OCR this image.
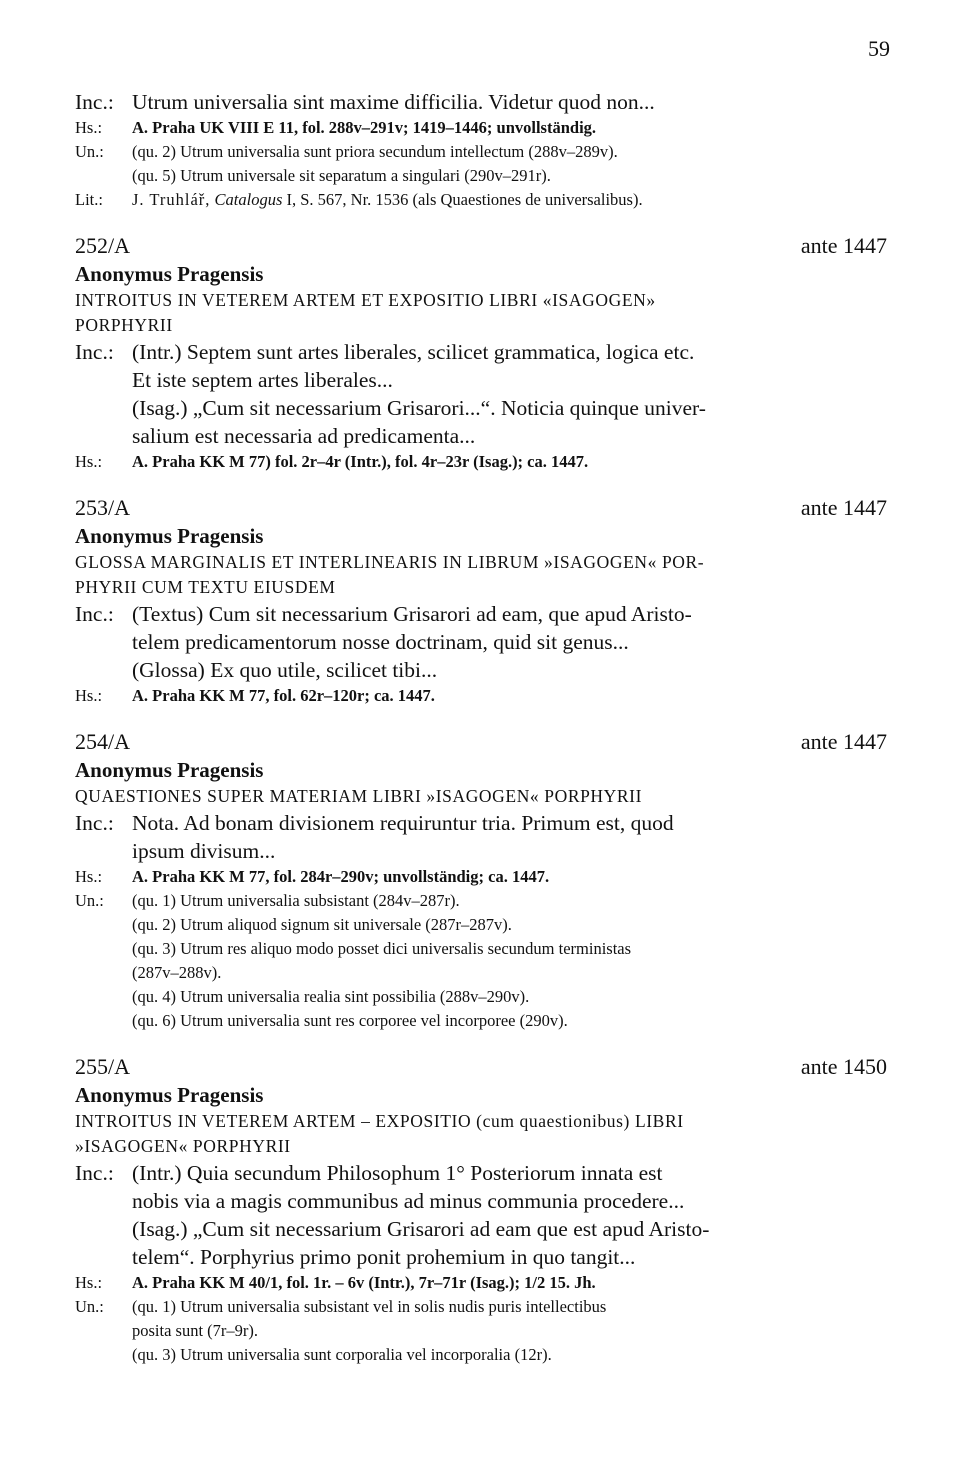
59
Inc.: Utrum universalia sint maxime difficilia. Videtur quod non...
Hs.:	A. Praha UK VIII E 11, fol. 288v–291v; 1419–1446; unvollständig.
Un.:	(qu. 2) Utrum universalia sunt priora secundum intellectum (288v–289v).
(qu. 5) Utrum universale sit separatum a singulari (290v–291r).
Lit.:	J. Truhlář, Catalogus I, S. 567, Nr. 1536 (als Quaestiones de universalibus).
252/A	ante 1447
Anonymus Pragensis
INTROITUS IN VETEREM ARTEM ET EXPOSITIO LIBRI «ISAGOGEN»
PORPHYRII
Inc.: (Intr.) Septem sunt artes liberales, scilicet grammatica, logica etc.
Et iste septem artes liberales...
(Isag.) „Cum sit necessarium Grisarori...“. Noticia quinque univer-
salium est necessaria ad predicamenta...
Hs.:	A. Praha KK M 77) fol. 2r–4r (Intr.), fol. 4r–23r (Isag.); ca. 1447.
253/A	ante 1447
Anonymus Pragensis
GLOSSA MARGINALIS ET INTERLINEARIS IN LIBRUM »ISAGOGEN« POR-
PHYRII CUM TEXTU EIUSDEM
Inc.: (Textus) Cum sit necessarium Grisarori ad eam, que apud Aristo-
telem predicamentorum nosse doctrinam, quid sit genus...
(Glossa) Ex quo utile, scilicet tibi...
Hs.:	A. Praha KK M 77, fol. 62r–120r; ca. 1447.
254/A	ante 1447
Anonymus Pragensis
QUAESTIONES SUPER MATERIAM LIBRI »ISAGOGEN« PORPHYRII
Inc.: Nota. Ad bonam divisionem requiruntur tria. Primum est, quod
ipsum divisum...
Hs.:	A. Praha KK M 77, fol. 284r–290v; unvollständig; ca. 1447.
Un.:	(qu. 1) Utrum universalia subsistant (284v–287r).
(qu. 2) Utrum aliquod signum sit universale (287r–287v).
(qu. 3) Utrum res aliquo modo posset dici universalis secundum terministas
(287v–288v).
(qu. 4) Utrum universalia realia sint possibilia (288v–290v).
(qu. 6) Utrum universalia sunt res corporee vel incorporee (290v).
255/A	ante 1450
Anonymus Pragensis
INTROITUS IN VETEREM ARTEM – EXPOSITIO (cum quaestionibus) LIBRI
»ISAGOGEN« PORPHYRII
Inc.: (Intr.) Quia secundum Philosophum 1° Posteriorum innata est
nobis via a magis communibus ad minus communia procedere...
(Isag.) „Cum sit necessarium Grisarori ad eam que est apud Aristo-
telem“. Porphyrius primo ponit prohemium in quo tangit...
Hs.:	A. Praha KK M 40/1, fol. 1r. – 6v (Intr.), 7r–71r (Isag.); 1/2 15. Jh.
Un.:	(qu. 1) Utrum universalia subsistant vel in solis nudis puris intellectibus
posita sunt (7r–9r).
(qu. 3) Utrum universalia sunt corporalia vel incorporalia (12r).
